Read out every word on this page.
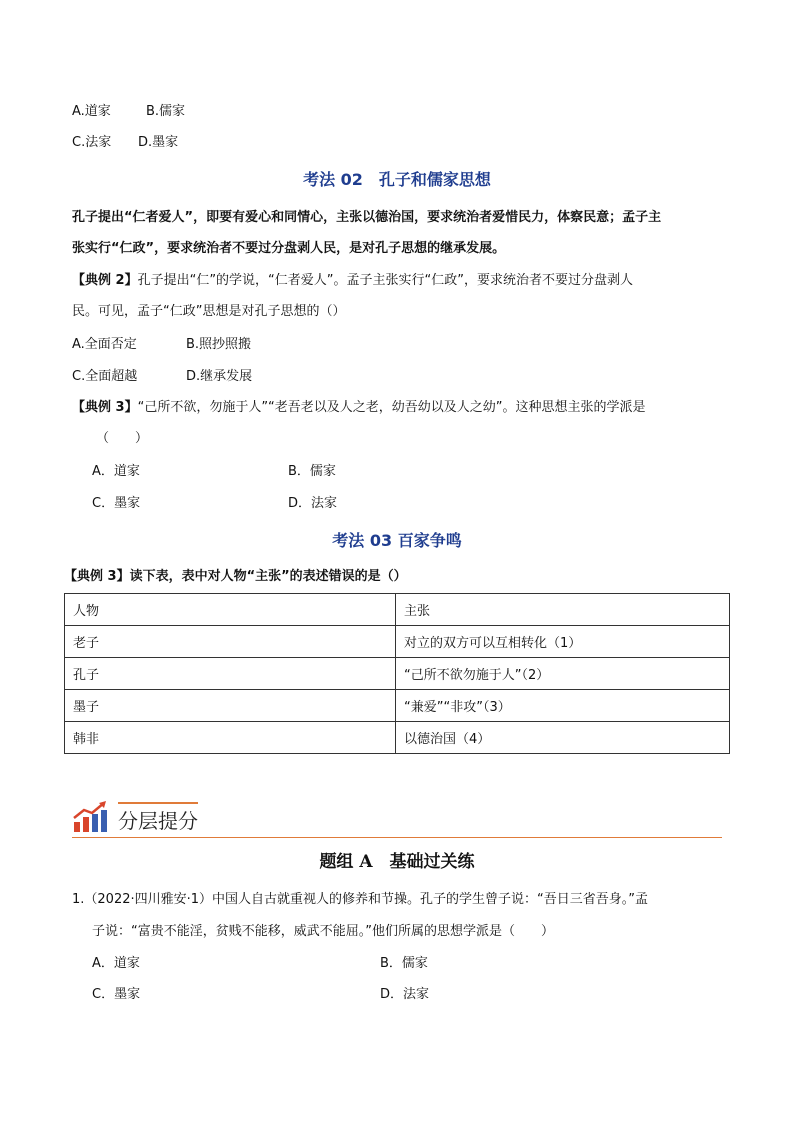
A.道家	B.儒家
C.法家 D.墨家
考法 02　孔子和儒家思想
孔子提出“仁者爱人”，即要有爱心和同情心，主张以德治国，要求统治者爱惜民力，体察民意；孟子主
张实行“仁政”，要求统治者不要过分盘剥人民，是对孔子思想的继承发展。
【典例 2】孔子提出“仁”的学说，“仁者爱人”。孟子主张实行“仁政”，要求统治者不要过分盘剥人
民。可见，孟子“仁政”思想是对孔子思想的（）
A.全面否定	B.照抄照搬
C.全面超越	D.继承发展
【典例 3】“己所不欲，勿施于人”“老吾老以及人之老，幼吾幼以及人之幼”。这种思想主张的学派是
（　　）
A．道家	B．儒家
C．墨家	D．法家
考法 03 百家争鸣
【典例 3】读下表，表中对人物“主张”的表述错误的是（）
人物	主张
老子	对立的双方可以互相转化（1）
孔子	“己所不欲勿施于人”（2）
墨子	“兼爱”“非攻”（3）
韩非	以德治国（4）
分层提分
题组 A　基础过关练
1.（2022·四川雅安·1）中国人自古就重视人的修养和节操。孔子的学生曾子说：“吾日三省吾身。”孟
子说：“富贵不能淫，贫贱不能移，威武不能屈。”他们所属的思想学派是（　　）
A．道家	B．儒家
C．墨家	D．法家
